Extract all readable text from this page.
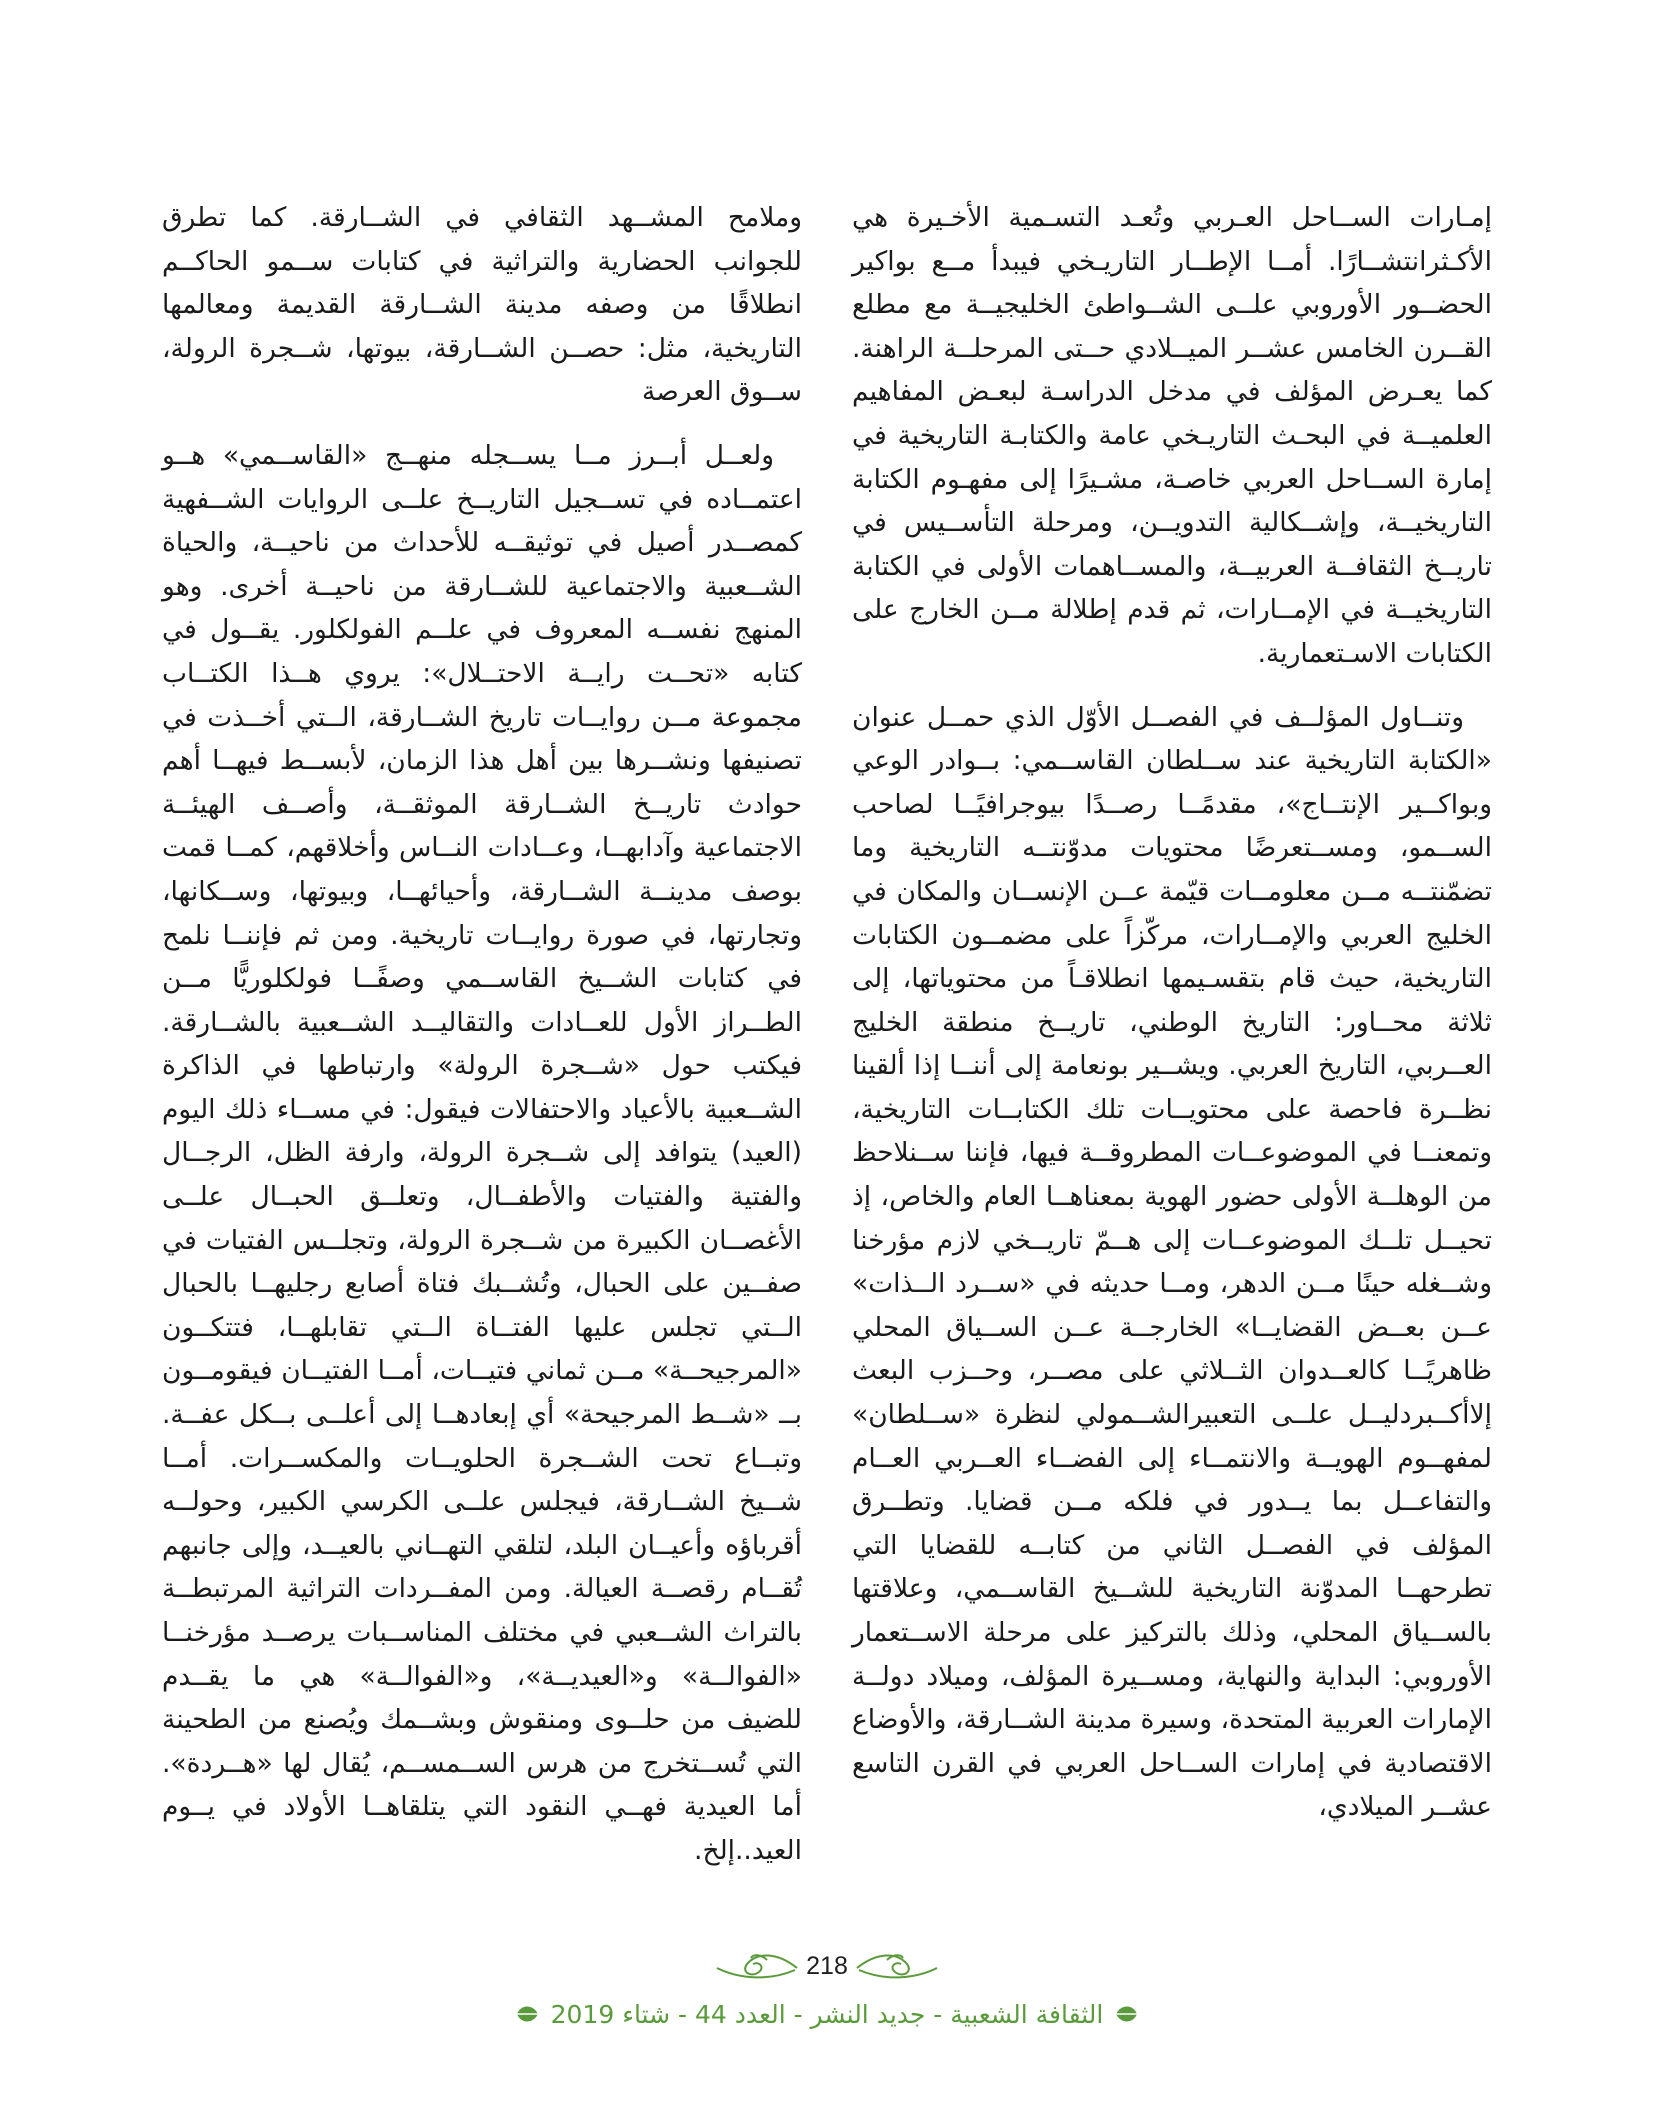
إمـارات الســاحل العـربي وتُعـد التسـمية الأخـيرة هي الأكـثرانتشــارًا. أمــا الإطــار التاريـخي فيبدأ مــع بواكير الحضــور الأوروبي علــى الشــواطئ الخليجيــة مع مطلع القــرن الخامس عشــر الميــلادي حــتى المرحلــة الراهنة. كما يعـرض المؤلف في مدخل الدراسـة لبعـض المفاهيم العلميــة في البحـث التاريـخي عامة والكتابـة التاريخية في إمارة الســاحل العربي خاصـة، مشـيرًا إلى مفهـوم الكتابة التاريخيــة، وإشــكالية التدويــن، ومرحلة التأســيس في تاريــخ الثقافــة العربيــة، والمســاهمات الأولى في الكتابة التاريخيــة في الإمــارات، ثم قدم إطلالة مــن الخارج على الكتابات الاسـتعمارية.

وتنــاول المؤلــف في الفصــل الأوّل الذي حمــل عنوان «الكتابة التاريخية عند ســلطان القاســمي: بــوادر الوعي وبواكــير الإنتــاج»، مقدمًــا رصــدًا بيوجرافيًــا لصاحب الســمو، ومســتعرضًا محتويات مدوّنتــه التاريخية وما تضمّنتــه مــن معلومــات قيّمة عــن الإنســان والمكان في الخليج العربي والإمــارات، مركّزاً على مضمــون الكتابات التاريخية، حيث قام بتقسـيمها انطلاقـاً من محتوياتها، إلى ثلاثة محــاور: التاريخ الوطني، تاريــخ منطقة الخليج العــربي، التاريخ العربي. ويشــير بونعامة إلى أننــا إذا ألقينا نظــرة فاحصة على محتويــات تلك الكتابــات التاريخية، وتمعنــا في الموضوعــات المطروقــة فيها، فإننا ســنلاحظ من الوهلــة الأولى حضور الهوية بمعناهــا العام والخاص، إذ تحيــل تلــك الموضوعــات إلى هــمّ تاريــخي لازم مؤرخنا وشــغله حينًا مــن الدهر، ومــا حديثه في «ســرد الــذات» عــن بعــض القضايــا» الخارجــة عــن الســياق المحلي ظاهريًــا كالعــدوان الثــلاثي على مصــر، وحــزب البعث إلاأكــبردليــل علــى التعبيرالشــمولي لنظرة «ســلطان» لمفهــوم الهويــة والانتمــاء إلى الفضــاء العــربي العــام والتفاعــل بما يــدور في فلكه مــن قضايا. وتطــرق المؤلف في الفصــل الثاني من كتابــه للقضايا التي تطرحهــا المدوّنة التاريخية للشــيخ القاســمي، وعلاقتها بالســياق المحلي، وذلك بالتركيز على مرحلة الاســتعمار الأوروبي: البداية والنهاية، ومســيرة المؤلف، وميلاد دولــة الإمارات العربية المتحدة، وسيرة مدينة الشــارقة، والأوضاع الاقتصادية في إمارات الســاحل العربي في القرن التاسع عشــر الميلادي،

وملامح المشــهد الثقافي في الشــارقة. كما تطرق للجوانب الحضارية والتراثية في كتابات ســمو الحاكــم انطلاقًا من وصفه مدينة الشــارقة القديمة ومعالمها التاريخية، مثل: حصــن الشــارقة، بيوتها، شــجرة الرولة، ســوق العرصة

ولعــل أبــرز مــا يســجله منهــج «القاســمي» هــو اعتمــاده في تســجيل التاريــخ علــى الروايات الشــفهية كمصــدر أصيل في توثيقــه للأحداث من ناحيــة، والحياة الشــعبية والاجتماعية للشــارقة من ناحيــة أخرى. وهو المنهج نفســه المعروف في علــم الفولكلور. يقــول في كتابه «تحــت رايــة الاحتــلال»: يروي هــذا الكتــاب مجموعة مــن روايــات تاريخ الشــارقة، الــتي أخــذت في تصنيفها ونشــرها بين أهل هذا الزمان، لأبســط فيهــا أهم حوادث تاريــخ الشــارقة الموثقــة، وأصــف الهيئــة الاجتماعية وآدابهــا، وعــادات النــاس وأخلاقهم، كمــا قمت بوصف مدينــة الشــارقة، وأحيائهــا، وبيوتها، وســكانها، وتجارتها، في صورة روايــات تاريخية. ومن ثم فإننــا نلمح في كتابات الشــيخ القاســمي وصفًــا فولكلوريًّا مــن الطــراز الأول للعــادات والتقاليــد الشــعبية بالشــارقة. فيكتب حول «شــجرة الرولة» وارتباطها في الذاكرة الشــعبية بالأعياد والاحتفالات فيقول: في مســاء ذلك اليوم (العيد) يتوافد إلى شــجرة الرولة، وارفة الظل، الرجــال والفتية والفتيات والأطفــال، وتعلــق الحبــال علــى الأغصــان الكبيرة من شــجرة الرولة، وتجلــس الفتيات في صفــين على الحبال، وتُشــبك فتاة أصابع رجليهــا بالحبال الــتي تجلس عليها الفتــاة الــتي تقابلهــا، فتتكــون «المرجيحــة» مــن ثماني فتيــات، أمــا الفتيــان فيقومــون بــ «شــط المرجيحة» أي إبعادهــا إلى أعلــى بــكل عفــة. وتبــاع تحت الشــجرة الحلويــات والمكســرات. أمــا شــيخ الشــارقة، فيجلس علــى الكرسي الكبير، وحولــه أقرباؤه وأعيــان البلد، لتلقي التهــاني بالعيــد، وإلى جانبهم تُقــام رقصــة العيالة. ومن المفــردات التراثية المرتبطــة بالتراث الشــعبي في مختلف المناســبات يرصــد مؤرخنــا «الفوالــة» و«العيديــة»، و«الفوالــة» هي ما يقــدم للضيف من حلــوى ومنقوش وبشــمك ويُصنع من الطحينة التي تُســتخرج من هرس الســمســم، يُقال لها «هــردة». أما العيدية فهــي النقود التي يتلقاهــا الأولاد في يــوم العيد..إلخ.

218
الثقافة الشعبية - جديد النشر - العدد 44 - شتاء 2019
